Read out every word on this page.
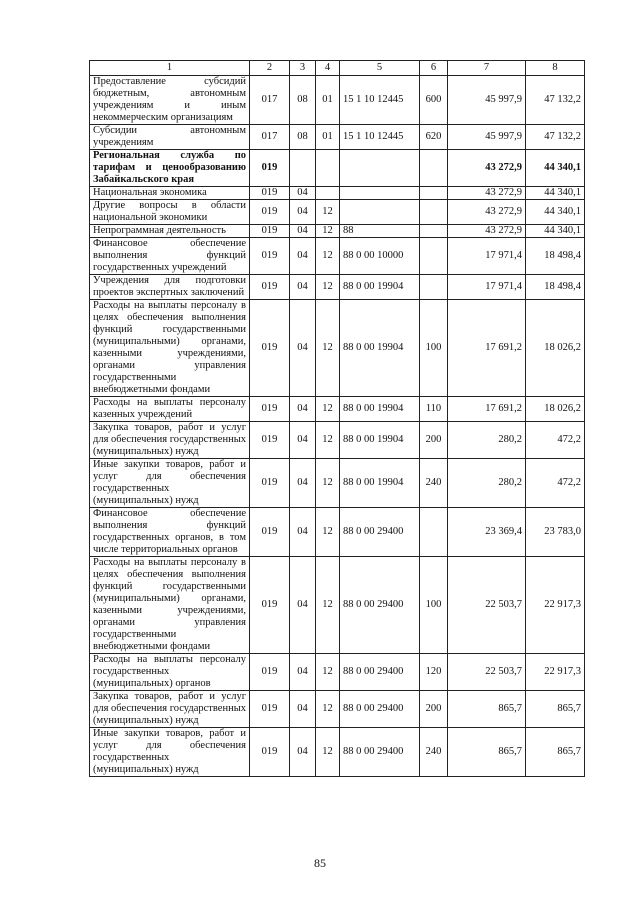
1	2	3	4	5	6	7	8
Предоставление субсидий бюджетным, автономным учреждениям и иным некоммерческим организациям	017	08	01	15 1 10 12445	600	45 997,9	47 132,2
Субсидии автономным учреждениям	017	08	01	15 1 10 12445	620	45 997,9	47 132,2
Региональная служба по тарифам и ценообразованию Забайкальского края	019					43 272,9	44 340,1
Национальная экономика	019	04				43 272,9	44 340,1
Другие вопросы в области национальной экономики	019	04	12			43 272,9	44 340,1
Непрограммная деятельность	019	04	12	88		43 272,9	44 340,1
Финансовое обеспечение выполнения функций государственных учреждений	019	04	12	88 0 00 10000		17 971,4	18 498,4
Учреждения для подготовки проектов экспертных заключений	019	04	12	88 0 00 19904		17 971,4	18 498,4
Расходы на выплаты персоналу в целях обеспечения выполнения функций государственными (муниципальными) органами, казенными учреждениями, органами управления государственными внебюджетными фондами	019	04	12	88 0 00 19904	100	17 691,2	18 026,2
Расходы на выплаты персоналу казенных учреждений	019	04	12	88 0 00 19904	110	17 691,2	18 026,2
Закупка товаров, работ и услуг для обеспечения государственных (муниципальных) нужд	019	04	12	88 0 00 19904	200	280,2	472,2
Иные закупки товаров, работ и услуг для обеспечения государственных (муниципальных) нужд	019	04	12	88 0 00 19904	240	280,2	472,2
Финансовое обеспечение выполнения функций государственных органов, в том числе территориальных органов	019	04	12	88 0 00 29400		23 369,4	23 783,0
Расходы на выплаты персоналу в целях обеспечения выполнения функций государственными (муниципальными) органами, казенными учреждениями, органами управления государственными внебюджетными фондами	019	04	12	88 0 00 29400	100	22 503,7	22 917,3
Расходы на выплаты персоналу государственных (муниципальных) органов	019	04	12	88 0 00 29400	120	22 503,7	22 917,3
Закупка товаров, работ и услуг для обеспечения государственных (муниципальных) нужд	019	04	12	88 0 00 29400	200	865,7	865,7
Иные закупки товаров, работ и услуг для обеспечения государственных (муниципальных) нужд	019	04	12	88 0 00 29400	240	865,7	865,7
85
